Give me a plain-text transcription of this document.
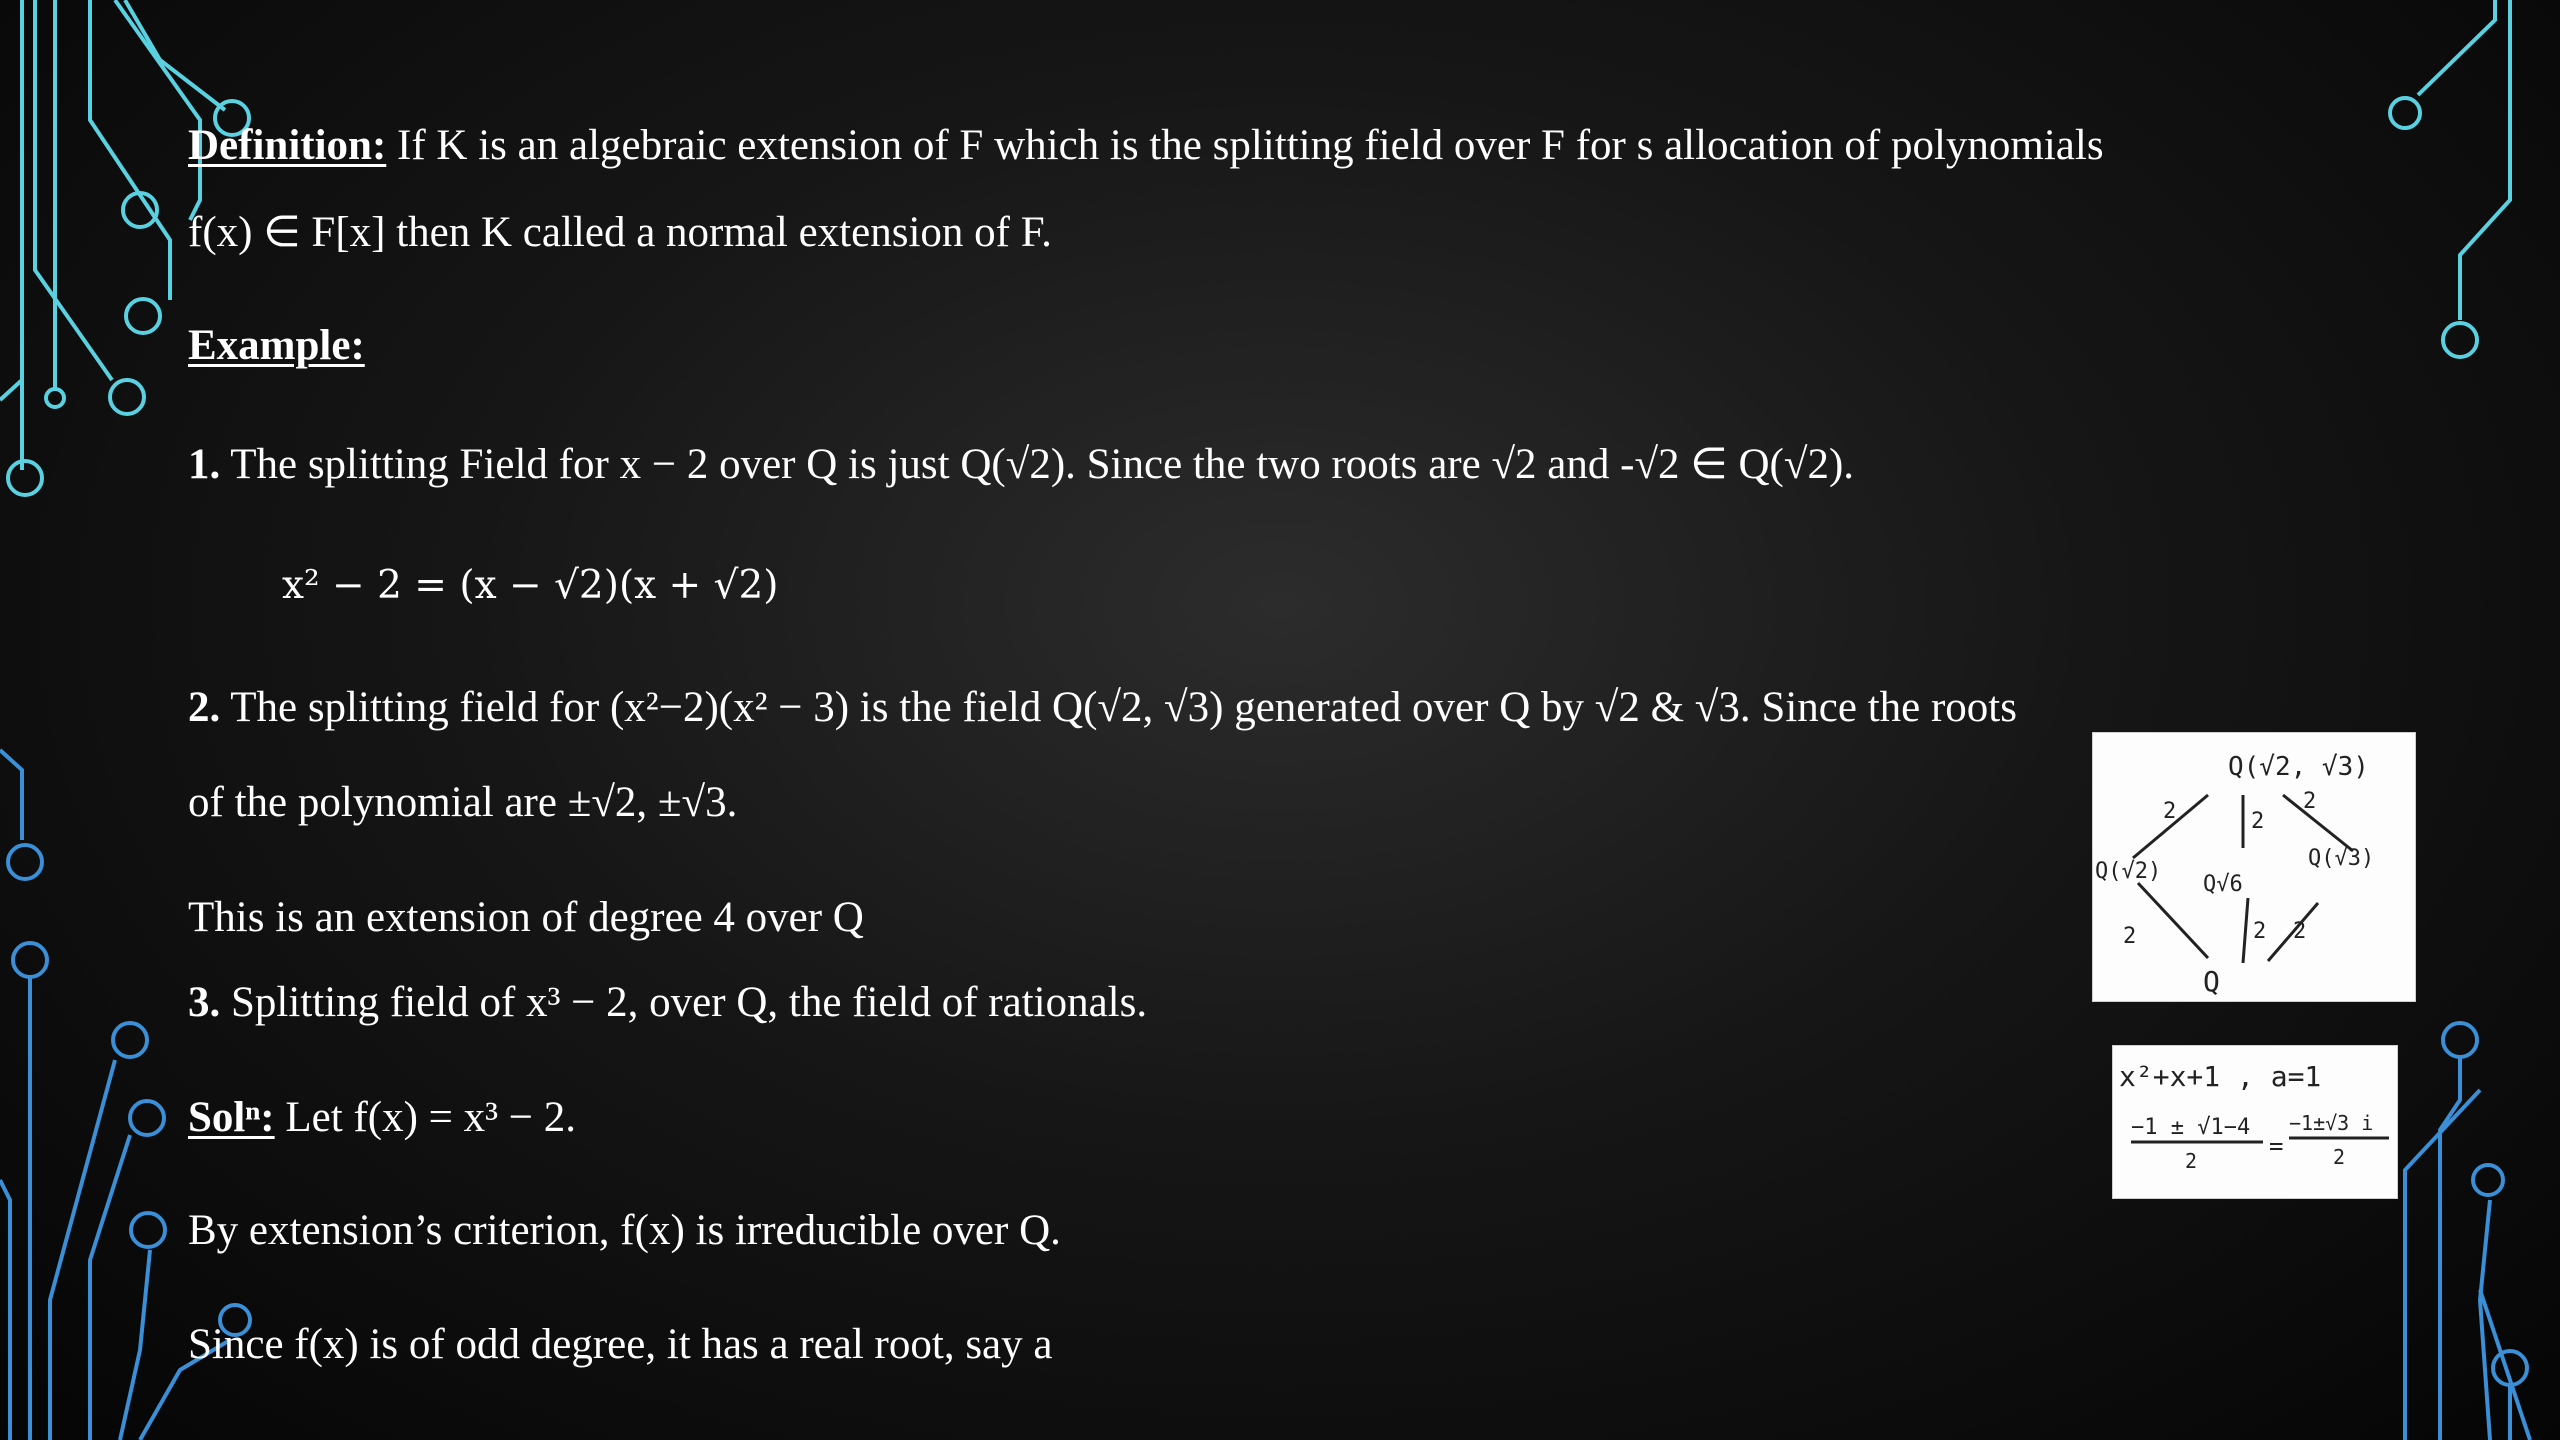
Definition: If K is an algebraic extension of F which is the splitting field over F for s allocation of polynomials
f(x) ∈ F[x] then K called a normal extension of F.
Example:
1. The splitting Field for x − 2 over Q is just Q(√2). Since the two roots are √2 and -√2 ∈ Q(√2).
x² − 2 = (x − √2)(x + √2)
2. The splitting field for (x²−2)(x² − 3) is the field Q(√2, √3) generated over Q by √2 & √3. Since the roots
of the polynomial are ±√2, ±√3.
This is an extension of degree 4 over Q
3. Splitting field of x³ − 2, over Q, the field of rationals.
Solⁿ: Let f(x) = x³ − 2.
By extension’s criterion, f(x) is irreducible over Q.
Since f(x) is of odd degree, it has a real root, say a
Q(√2, √3)
Q(√2)
Q√6
Q(√3)
Q
2	2
2
2	2 2
x²+x+1 , a=1
−1 ± √1−4
2
=
−1±√3 i
2
